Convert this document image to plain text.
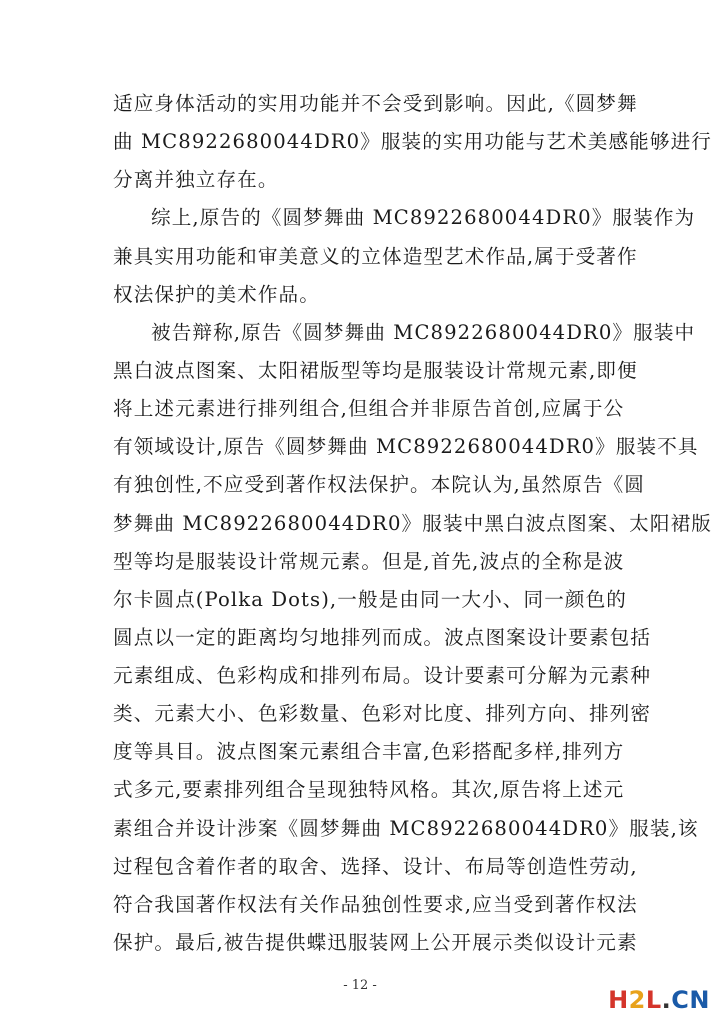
适应身体活动的实用功能并不会受到影响。因此,《圆梦舞
曲 MC8922680044DR0》服装的实用功能与艺术美感能够进行
分离并独立存在。
综上,原告的《圆梦舞曲 MC8922680044DR0》服装作为
兼具实用功能和审美意义的立体造型艺术作品,属于受著作
权法保护的美术作品。
被告辩称,原告《圆梦舞曲 MC8922680044DR0》服装中
黑白波点图案、太阳裙版型等均是服装设计常规元素,即便
将上述元素进行排列组合,但组合并非原告首创,应属于公
有领域设计,原告《圆梦舞曲 MC8922680044DR0》服装不具
有独创性,不应受到著作权法保护。本院认为,虽然原告《圆
梦舞曲 MC8922680044DR0》服装中黑白波点图案、太阳裙版
型等均是服装设计常规元素。但是,首先,波点的全称是波
尔卡圆点(Polka Dots),一般是由同一大小、同一颜色的
圆点以一定的距离均匀地排列而成。波点图案设计要素包括
元素组成、色彩构成和排列布局。设计要素可分解为元素种
类、元素大小、色彩数量、色彩对比度、排列方向、排列密
度等具目。波点图案元素组合丰富,色彩搭配多样,排列方
式多元,要素排列组合呈现独特风格。其次,原告将上述元
素组合并设计涉案《圆梦舞曲 MC8922680044DR0》服装,该
过程包含着作者的取舍、选择、设计、布局等创造性劳动,
符合我国著作权法有关作品独创性要求,应当受到著作权法
- 12 -
H2L.CN
保护。最后,被告提供蝶迅服装网上公开展示类似设计元素
